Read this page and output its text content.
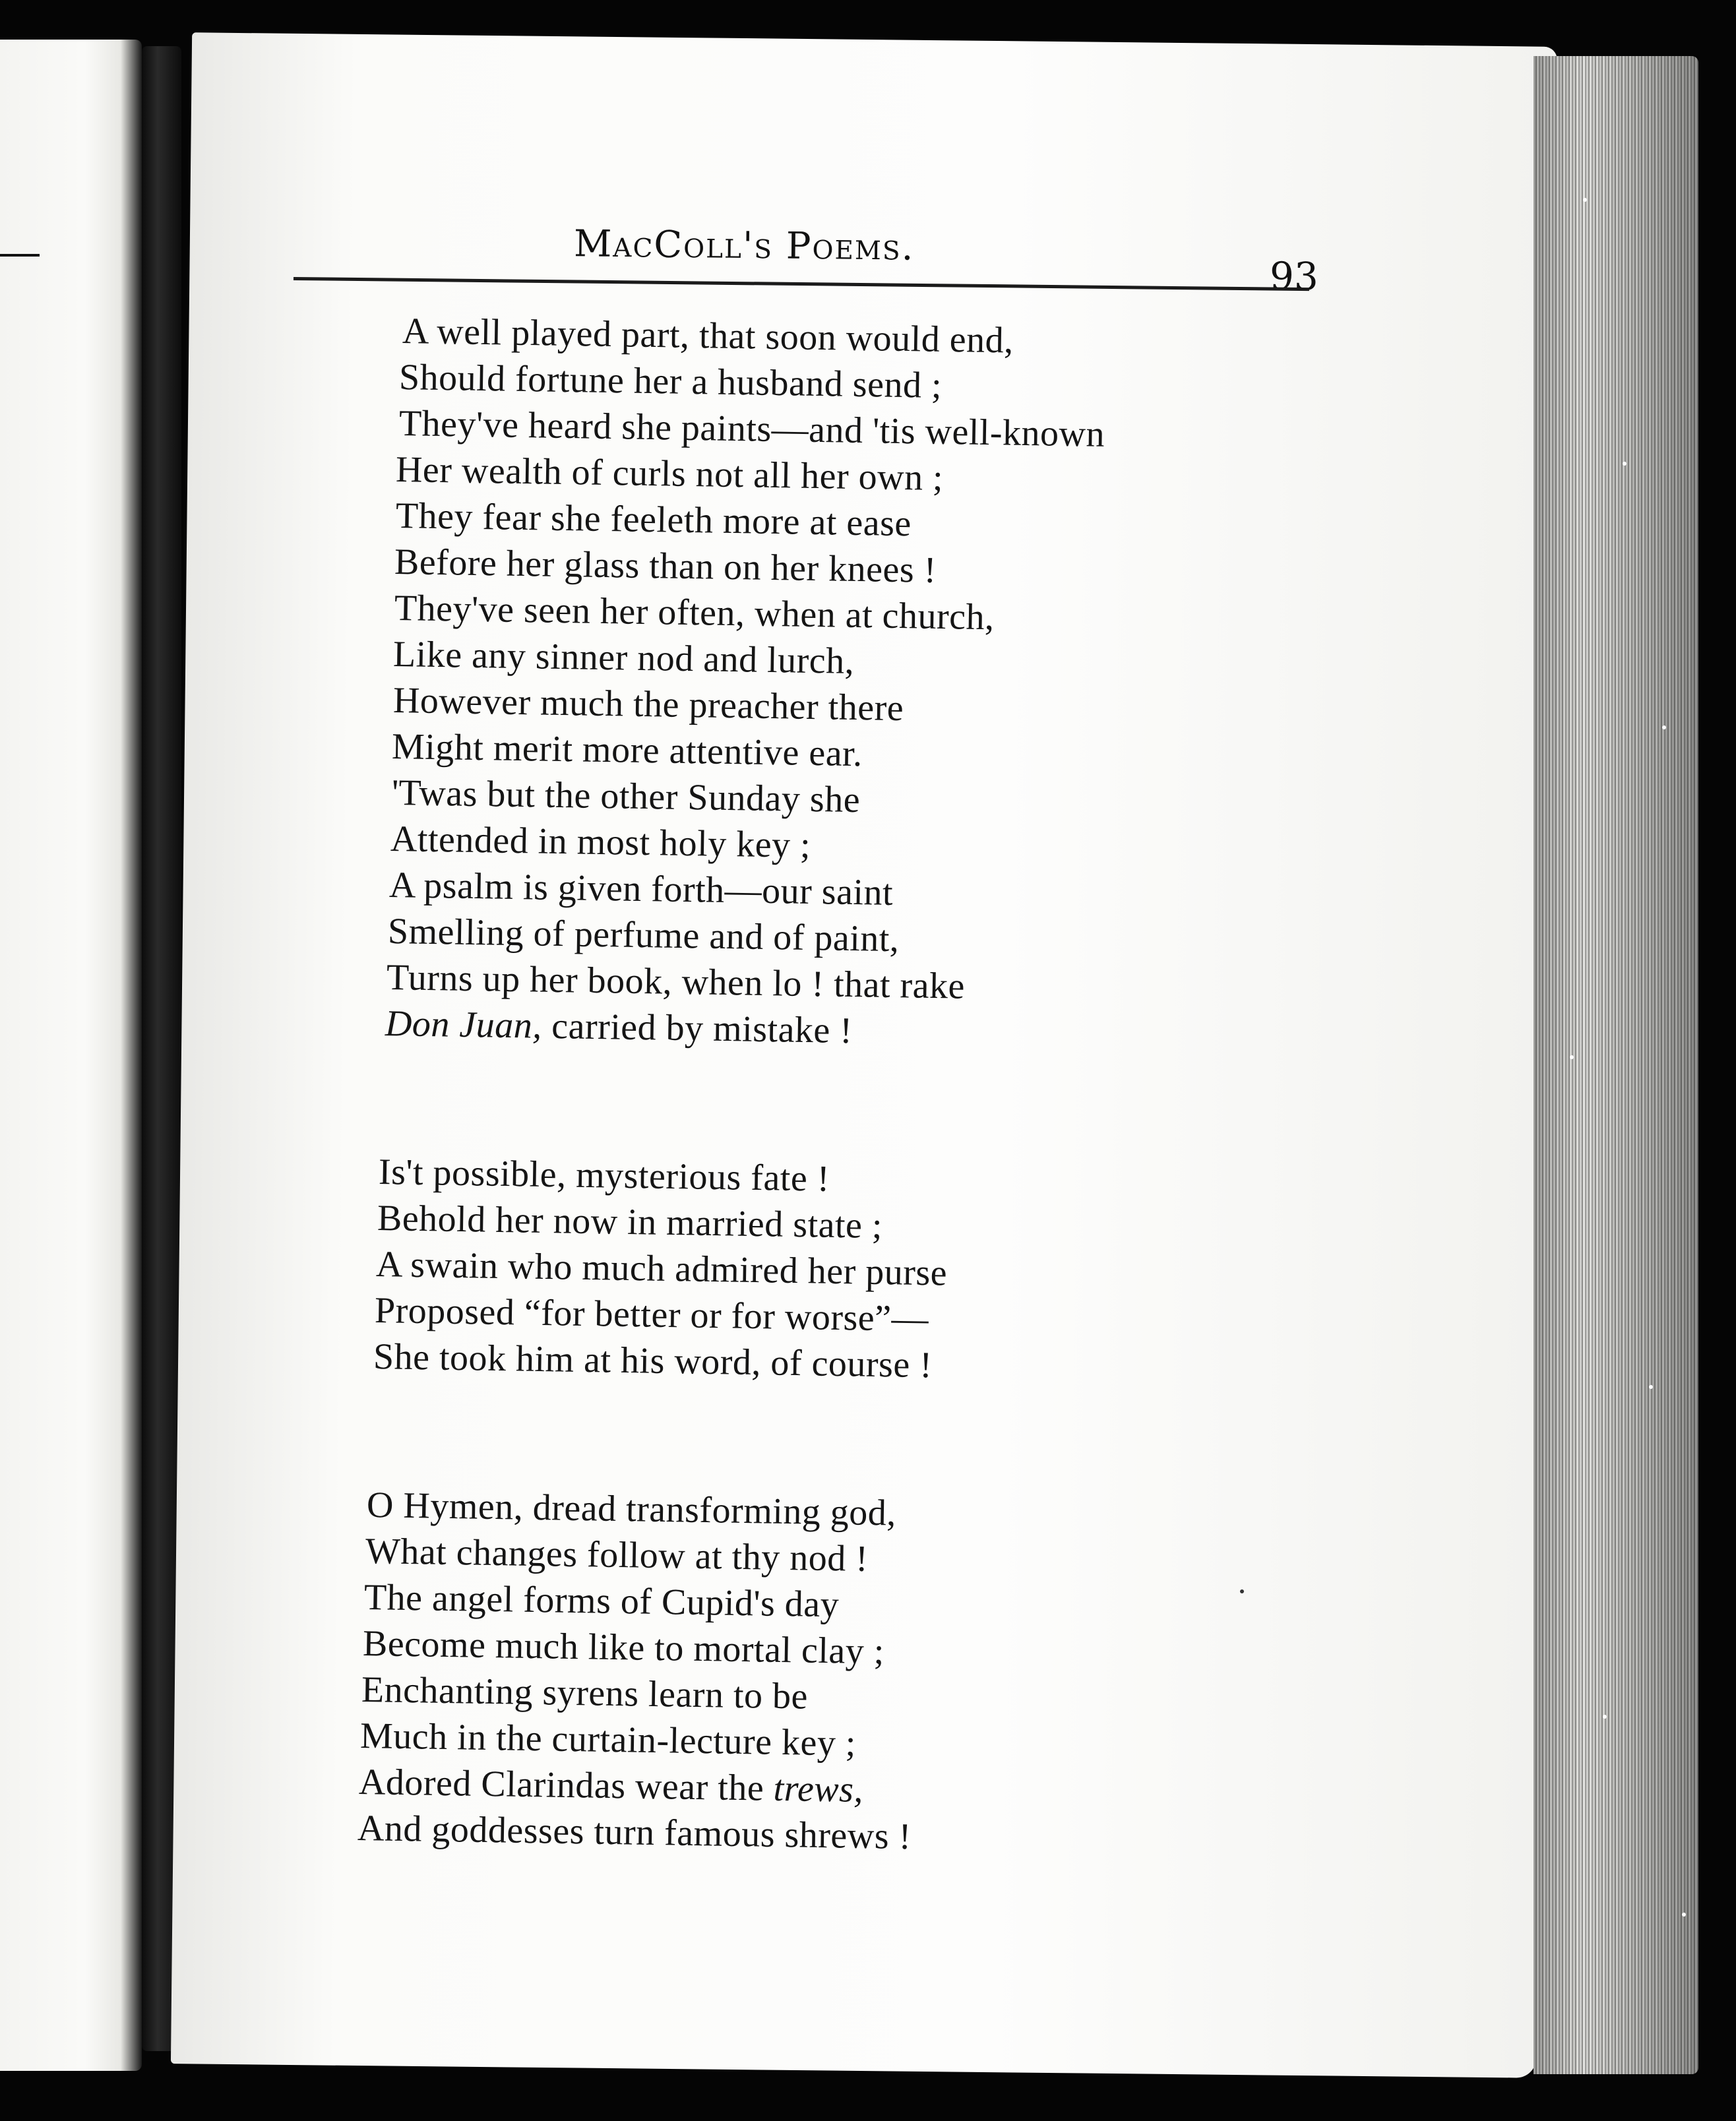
MacColl's Poems.
93
A well played part, that soon would end,
Should fortune her a husband send ;
They've heard she paints—and 'tis well-known
Her wealth of curls not all her own ;
They fear she feeleth more at ease
Before her glass than on her knees !
They've seen her often, when at church,
Like any sinner nod and lurch,
However much the preacher there
Might merit more attentive ear.
'Twas but the other Sunday she
Attended in most holy key ;
A psalm is given forth—our saint
Smelling of perfume and of paint,
Turns up her book, when lo ! that rake
Don Juan, carried by mistake !
Is't possible, mysterious fate !
Behold her now in married state ;
A swain who much admired her purse
Proposed “for better or for worse”—
She took him at his word, of course !
O Hymen, dread transforming god,
What changes follow at thy nod !
The angel forms of Cupid's day
Become much like to mortal clay ;
Enchanting syrens learn to be
Much in the curtain-lecture key ;
Adored Clarindas wear the trews,
And goddesses turn famous shrews !
